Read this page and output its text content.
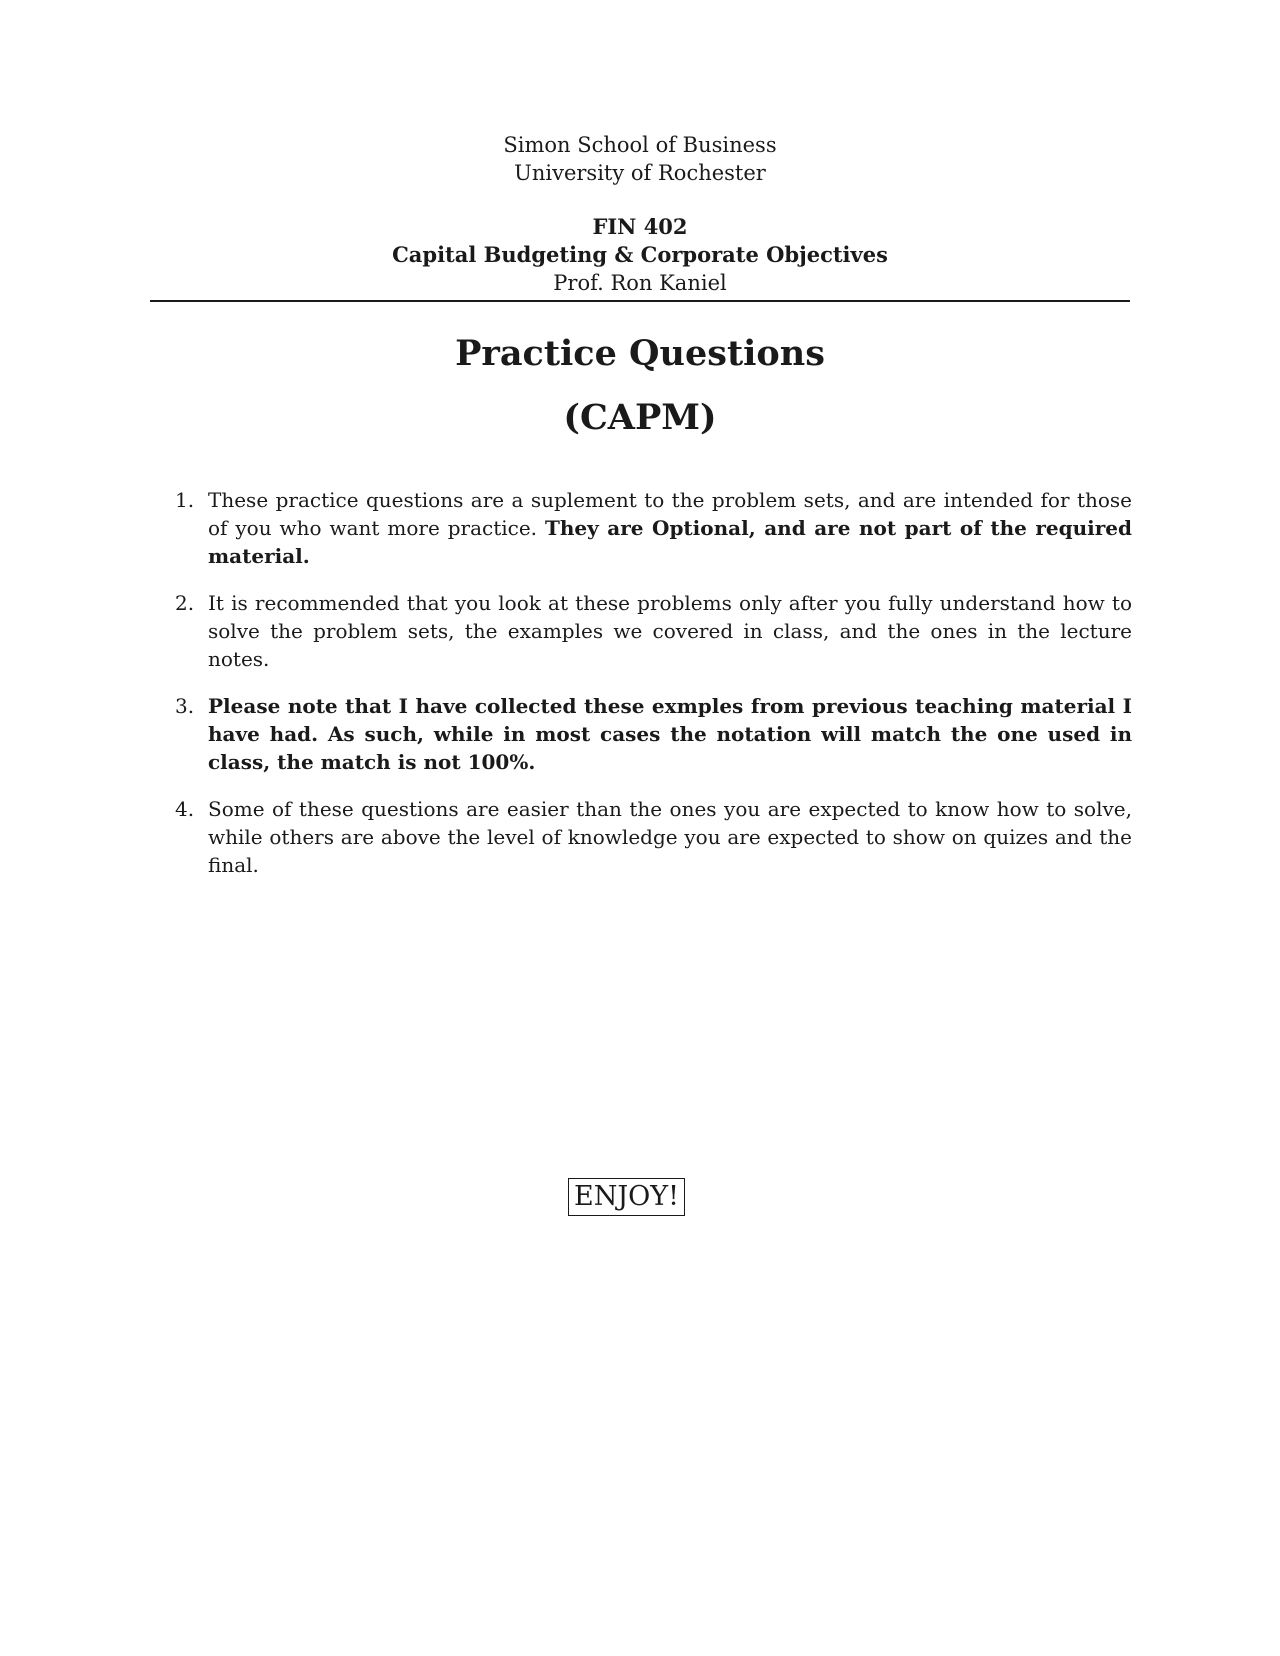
Simon School of Business
University of Rochester
FIN 402
Capital Budgeting & Corporate Objectives
Prof. Ron Kaniel
Practice Questions
(CAPM)
1. These practice questions are a suplement to the problem sets, and are intended for those of you who want more practice. They are Optional, and are not part of the required material.
2. It is recommended that you look at these problems only after you fully understand how to solve the problem sets, the examples we covered in class, and the ones in the lecture notes.
3. Please note that I have collected these exmples from previous teaching material I have had. As such, while in most cases the notation will match the one used in class, the match is not 100%.
4. Some of these questions are easier than the ones you are expected to know how to solve, while others are above the level of knowledge you are expected to show on quizes and the final.
ENJOY!
